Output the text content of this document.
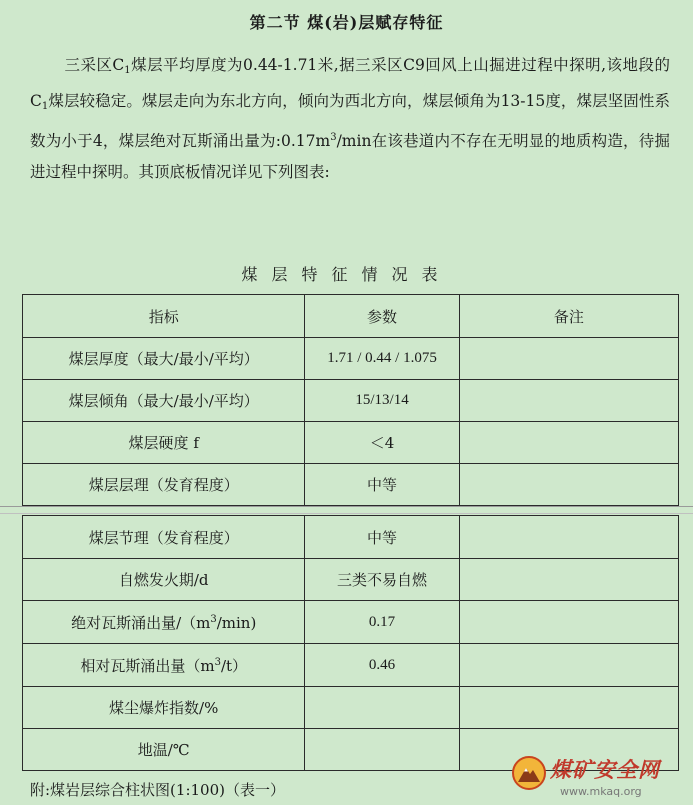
第二节 煤(岩)层赋存特征
三采区$C_1$煤层平均厚度为0.44-1.71米,据三采区C9回风上山掘进过程中探明,该地段的$C_1$煤层较稳定。煤层走向为东北方向，倾向为西北方向，煤层倾角为13-15度，煤层坚固性系数为小于4，煤层绝对瓦斯涌出量为$:0.17m^3/\min$在该巷道内不存在无明显的地质构造，待掘进过程中探明。其顶底板情况详见下列图表:
煤层特征情况表
指标	参数	备注
煤层厚度（最大/最小/平均）	1.71 / 0.44 / 1.075	
煤层倾角（最大/最小/平均）	15/13/14	
煤层硬度 f	＜4	
煤层层理（发育程度）	中等	
煤层节理（发育程度）	中等	
自燃发火期/d	三类不易自燃	
绝对瓦斯涌出量$/(m^3/\min)$	0.17	
相对瓦斯涌出量$(m^3/t)$	0.46	
煤尘爆炸指数/%		
地温/℃		
附:煤岩层综合柱状图(1:100)（表一）
煤矿安全网
www.mkaq.org
